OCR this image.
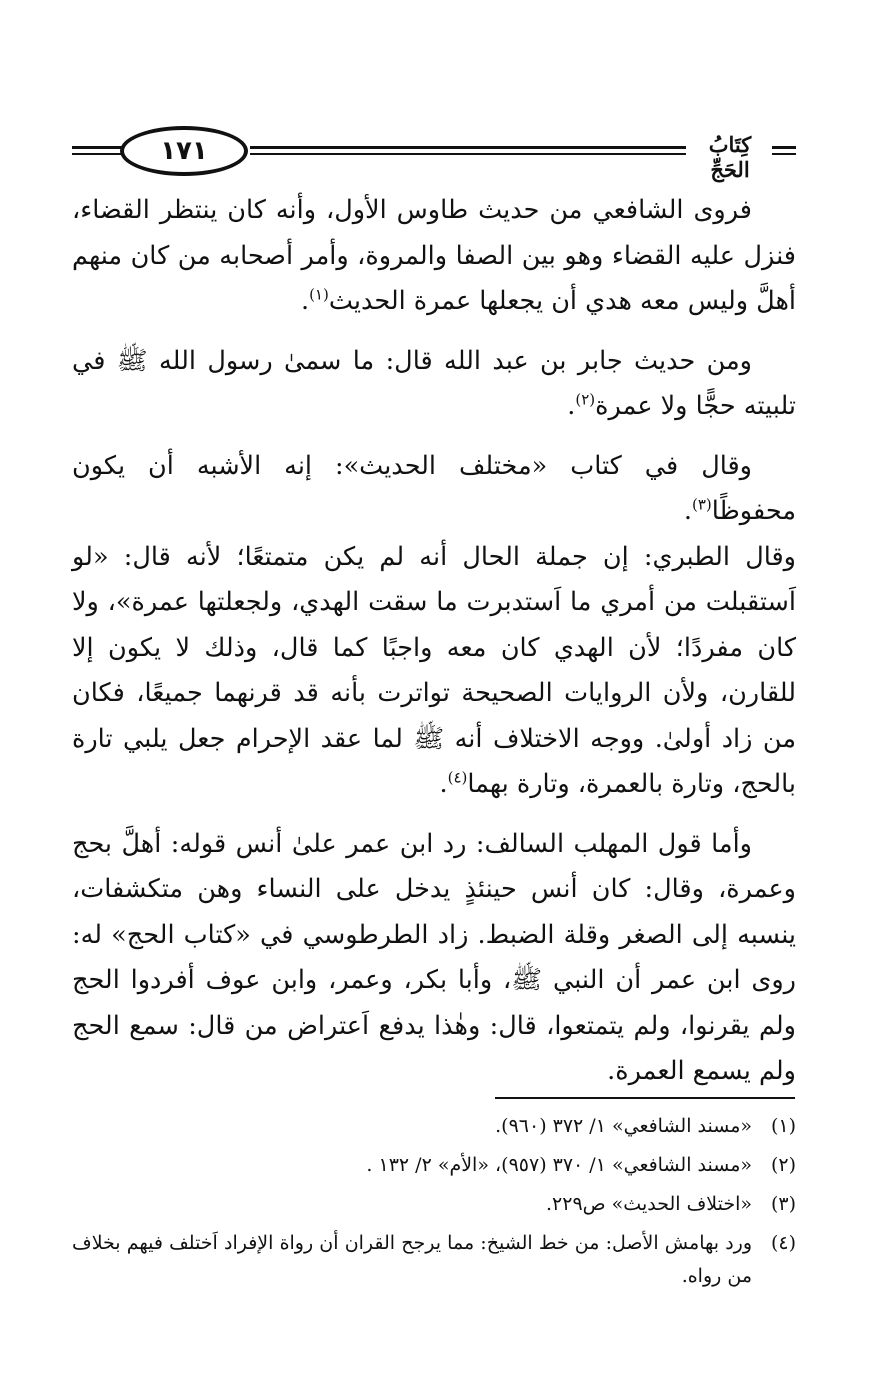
١٧١	كِتَابُ الحَجِّ

فروى الشافعي من حديث طاوس الأول، وأنه كان ينتظر القضاء، فنزل عليه القضاء وهو بين الصفا والمروة، وأمر أصحابه من كان منهم أهلَّ وليس معه هدي أن يجعلها عمرة الحديث$^{(١)}$.

ومن حديث جابر بن عبد الله قال: ما سمىٰ رسول الله ﷺ في تلبيته حجًّا ولا عمرة$^{(٢)}$.

وقال في كتاب «مختلف الحديث»: إنه الأشبه أن يكون محفوظًا$^{(٣)}$.
وقال الطبري: إن جملة الحال أنه لم يكن متمتعًا؛ لأنه قال: «لو اَستقبلت من أمري ما اَستدبرت ما سقت الهدي، ولجعلتها عمرة»، ولا كان مفردًا؛ لأن الهدي كان معه واجبًا كما قال، وذلك لا يكون إلا للقارن، ولأن الروايات الصحيحة تواترت بأنه قد قرنهما جميعًا، فكان من زاد أولىٰ. ووجه الاختلاف أنه ﷺ لما عقد الإحرام جعل يلبي تارة بالحج، وتارة بالعمرة، وتارة بهما$^{(٤)}$.

وأما قول المهلب السالف: رد ابن عمر علىٰ أنس قوله: أهلَّ بحج وعمرة، وقال: كان أنس حينئذٍ يدخل على النساء وهن متكشفات، ينسبه إلى الصغر وقلة الضبط. زاد الطرطوسي في «كتاب الحج» له: روى ابن عمر أن النبي ﷺ، وأبا بكر، وعمر، وابن عوف أفردوا الحج ولم يقرنوا، ولم يتمتعوا، قال: وهٰذا يدفع اَعتراض من قال: سمع الحج ولم يسمع العمرة.

(١)
«مسند الشافعي» ١/ ٣٧٢ (٩٦٠).
(٢)
«مسند الشافعي» ١/ ٣٧٠ (٩٥٧)، «الأم» ٢/ ١٣٢ .
(٣)
«اختلاف الحديث» ص٢٢٩.
(٤)
ورد بهامش الأصل: من خط الشيخ: مما يرجح القران أن رواة الإفراد اَختلف فيهم بخلاف من رواه.
